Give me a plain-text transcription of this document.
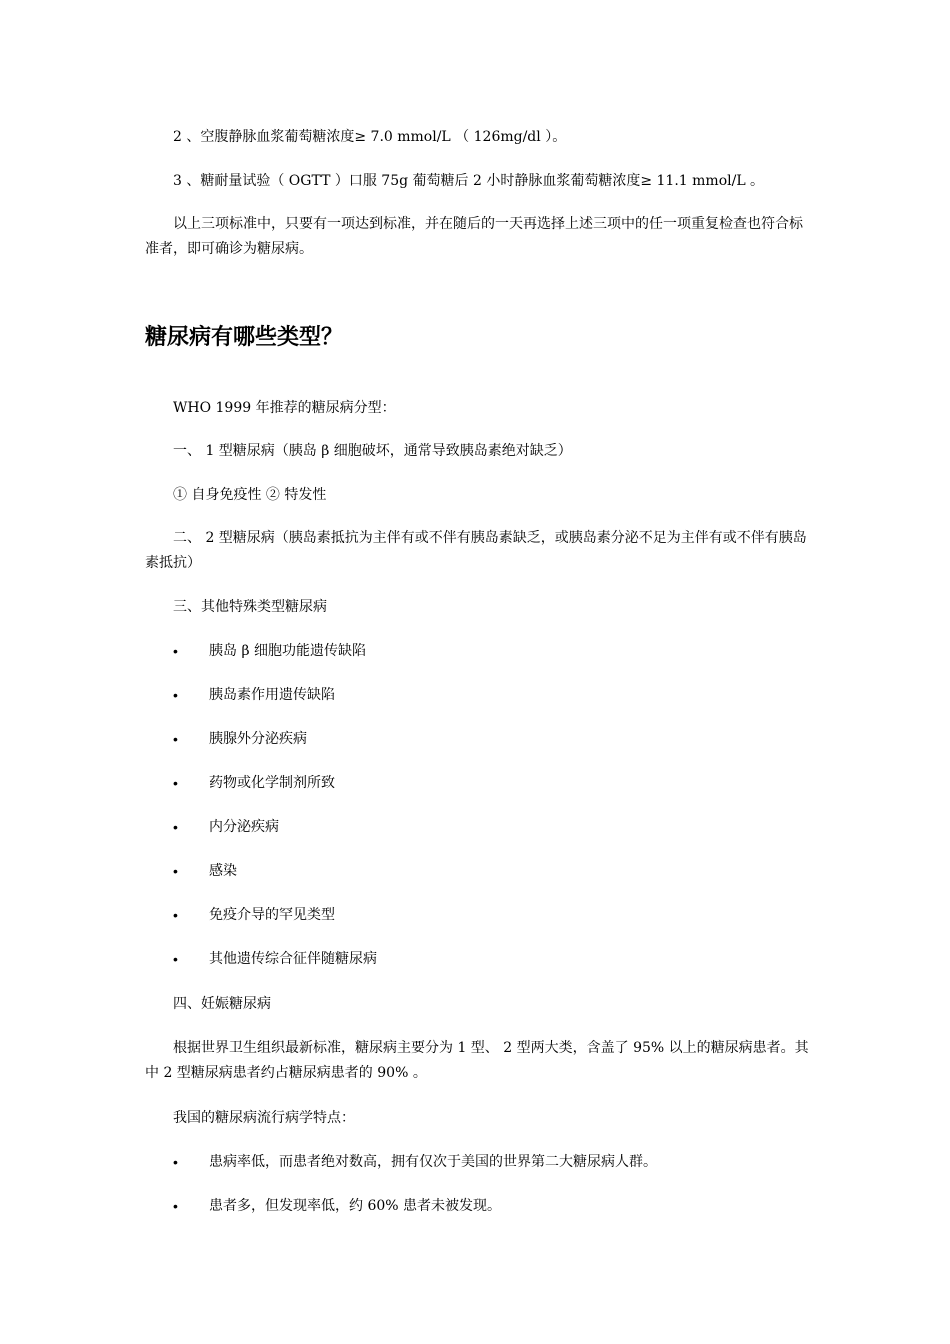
2 、空腹静脉血浆葡萄糖浓度≥ 7.0 mmol/L （ 126mg/dl ）。
3 、糖耐量试验（ OGTT ）口服 75g 葡萄糖后 2 小时静脉血浆葡萄糖浓度≥ 11.1 mmol/L 。
以上三项标准中，只要有一项达到标准，并在随后的一天再选择上述三项中的任一项重复检查也符合标准者，即可确诊为糖尿病。
糖尿病有哪些类型？
WHO 1999 年推荐的糖尿病分型：
一、 1 型糖尿病（胰岛 β 细胞破坏，通常导致胰岛素绝对缺乏）
① 自身免疫性 ② 特发性
二、 2 型糖尿病（胰岛素抵抗为主伴有或不伴有胰岛素缺乏，或胰岛素分泌不足为主伴有或不伴有胰岛素抵抗）
三、其他特殊类型糖尿病
• 胰岛 β 细胞功能遗传缺陷
• 胰岛素作用遗传缺陷
• 胰腺外分泌疾病
• 药物或化学制剂所致
• 内分泌疾病
• 感染
• 免疫介导的罕见类型
• 其他遗传综合征伴随糖尿病
四、妊娠糖尿病
根据世界卫生组织最新标准，糖尿病主要分为 1 型、 2 型两大类，含盖了 95% 以上的糖尿病患者。其中 2 型糖尿病患者约占糖尿病患者的 90% 。
我国的糖尿病流行病学特点：
• 患病率低，而患者绝对数高，拥有仅次于美国的世界第二大糖尿病人群。
• 患者多，但发现率低，约 60% 患者未被发现。
